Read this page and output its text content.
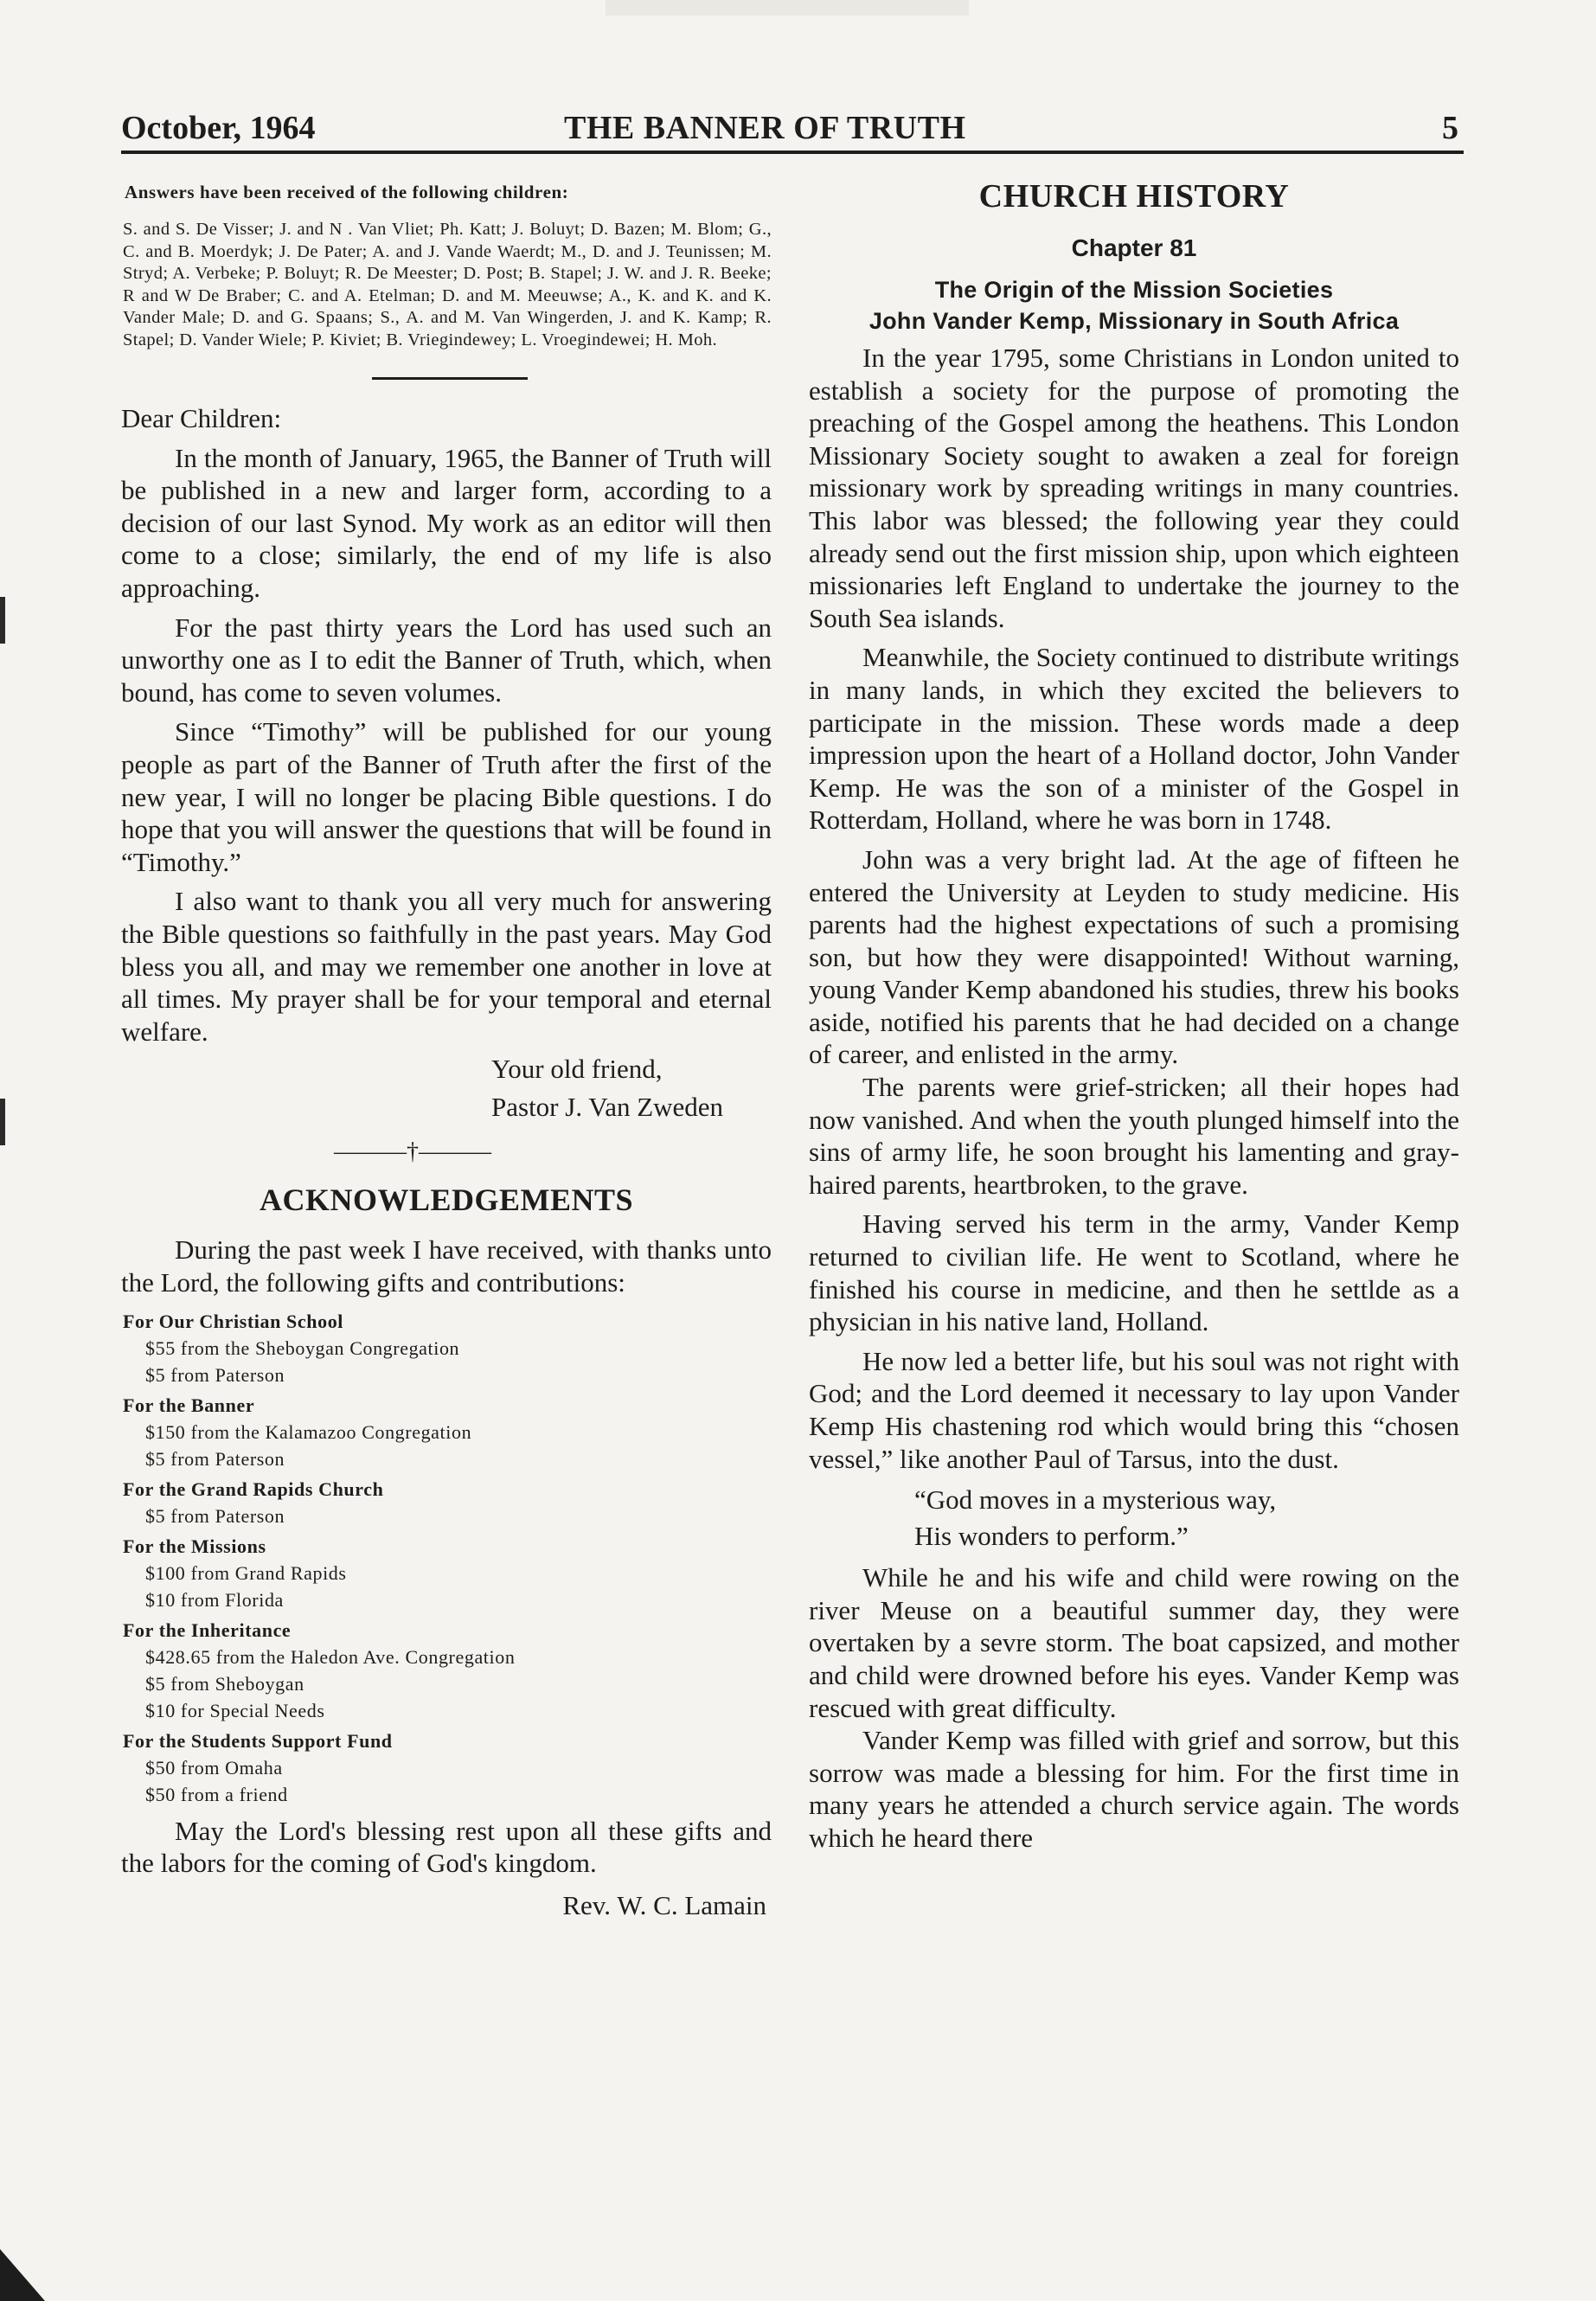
October, 1964	THE BANNER OF TRUTH	5
Answers have been received of the following children:
S. and S. De Visser; J. and N . Van Vliet; Ph. Katt; J. Boluyt; D. Bazen; M. Blom; G., C. and B. Moerdyk; J. De Pater; A. and J. Vande Waerdt; M., D. and J. Teunissen; M. Stryd; A. Verbeke; P. Boluyt; R. De Meester; D. Post; B. Stapel; J. W. and J. R. Beeke; R and W De Braber; C. and A. Etelman; D. and M. Meeuwse; A., K. and K. and K. Vander Male; D. and G. Spaans; S., A. and M. Van Wingerden, J. and K. Kamp; R. Stapel; D. Vander Wiele; P. Kiviet; B. Vriegindewey; L. Vroegindewei; H. Moh.
Dear Children:

In the month of January, 1965, the Banner of Truth will be published in a new and larger form, according to a decision of our last Synod. My work as an editor will then come to a close; similarly, the end of my life is also approaching.

For the past thirty years the Lord has used such an unworthy one as I to edit the Banner of Truth, which, when bound, has come to seven volumes.

Since “Timothy” will be published for our young people as part of the Banner of Truth after the first of the new year, I will no longer be placing Bible questions. I do hope that you will answer the questions that will be found in “Timothy.”

I also want to thank you all very much for answering the Bible questions so faithfully in the past years. May God bless you all, and may we remember one another in love at all times. My prayer shall be for your temporal and eternal welfare.

Your old friend,
Pastor J. Van Zweden
———†———
ACKNOWLEDGEMENTS

During the past week I have received, with thanks unto the Lord, the following gifts and contributions:

For Our Christian School
$55 from the Sheboygan Congregation
$5 from Paterson
For the Banner
$150 from the Kalamazoo Congregation
$5 from Paterson
For the Grand Rapids Church
$5 from Paterson
For the Missions
$100 from Grand Rapids
$10 from Florida
For the Inheritance
$428.65 from the Haledon Ave. Congregation
$5 from Sheboygan
$10 for Special Needs
For the Students Support Fund
$50 from Omaha
$50 from a friend

May the Lord's blessing rest upon all these gifts and the labors for the coming of God's kingdom.

Rev. W. C. Lamain
CHURCH HISTORY
Chapter 81
The Origin of the Mission Societies
John Vander Kemp, Missionary in South Africa

In the year 1795, some Christians in London united to establish a society for the purpose of promoting the preaching of the Gospel among the heathens. This London Missionary Society sought to awaken a zeal for foreign missionary work by spreading writings in many countries. This labor was blessed; the following year they could already send out the first mission ship, upon which eighteen missionaries left England to undertake the journey to the South Sea islands.

Meanwhile, the Society continued to distribute writings in many lands, in which they excited the believers to participate in the mission. These words made a deep impression upon the heart of a Holland doctor, John Vander Kemp. He was the son of a minister of the Gospel in Rotterdam, Holland, where he was born in 1748.

John was a very bright lad. At the age of fifteen he entered the University at Leyden to study medicine. His parents had the highest expectations of such a promising son, but how they were disappointed! Without warning, young Vander Kemp abandoned his studies, threw his books aside, notified his parents that he had decided on a change of career, and enlisted in the army.

The parents were grief-stricken; all their hopes had now vanished. And when the youth plunged himself into the sins of army life, he soon brought his lamenting and gray-haired parents, heartbroken, to the grave.

Having served his term in the army, Vander Kemp returned to civilian life. He went to Scotland, where he finished his course in medicine, and then he settlde as a physician in his native land, Holland.

He now led a better life, but his soul was not right with God; and the Lord deemed it necessary to lay upon Vander Kemp His chastening rod which would bring this “chosen vessel,” like another Paul of Tarsus, into the dust.

“God moves in a mysterious way,
His wonders to perform.”

While he and his wife and child were rowing on the river Meuse on a beautiful summer day, they were overtaken by a sevre storm. The boat capsized, and mother and child were drowned before his eyes. Vander Kemp was rescued with great difficulty.

Vander Kemp was filled with grief and sorrow, but this sorrow was made a blessing for him. For the first time in many years he attended a church service again. The words which he heard there
